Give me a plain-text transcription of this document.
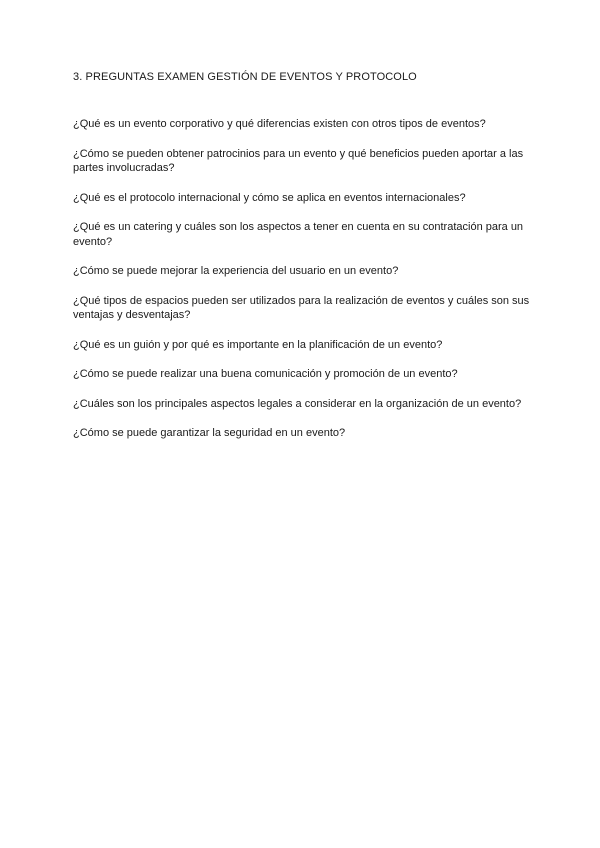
3. PREGUNTAS EXAMEN GESTIÓN DE EVENTOS Y PROTOCOLO
¿Qué es un evento corporativo y qué diferencias existen con otros tipos de eventos?
¿Cómo se pueden obtener patrocinios para un evento y qué beneficios pueden aportar a las partes involucradas?
¿Qué es el protocolo internacional y cómo se aplica en eventos internacionales?
¿Qué es un catering y cuáles son los aspectos a tener en cuenta en su contratación para un evento?
¿Cómo se puede mejorar la experiencia del usuario en un evento?
¿Qué tipos de espacios pueden ser utilizados para la realización de eventos y cuáles son sus ventajas y desventajas?
¿Qué es un guión y por qué es importante en la planificación de un evento?
¿Cómo se puede realizar una buena comunicación y promoción de un evento?
¿Cuáles son los principales aspectos legales a considerar en la organización de un evento?
¿Cómo se puede garantizar la seguridad en un evento?
